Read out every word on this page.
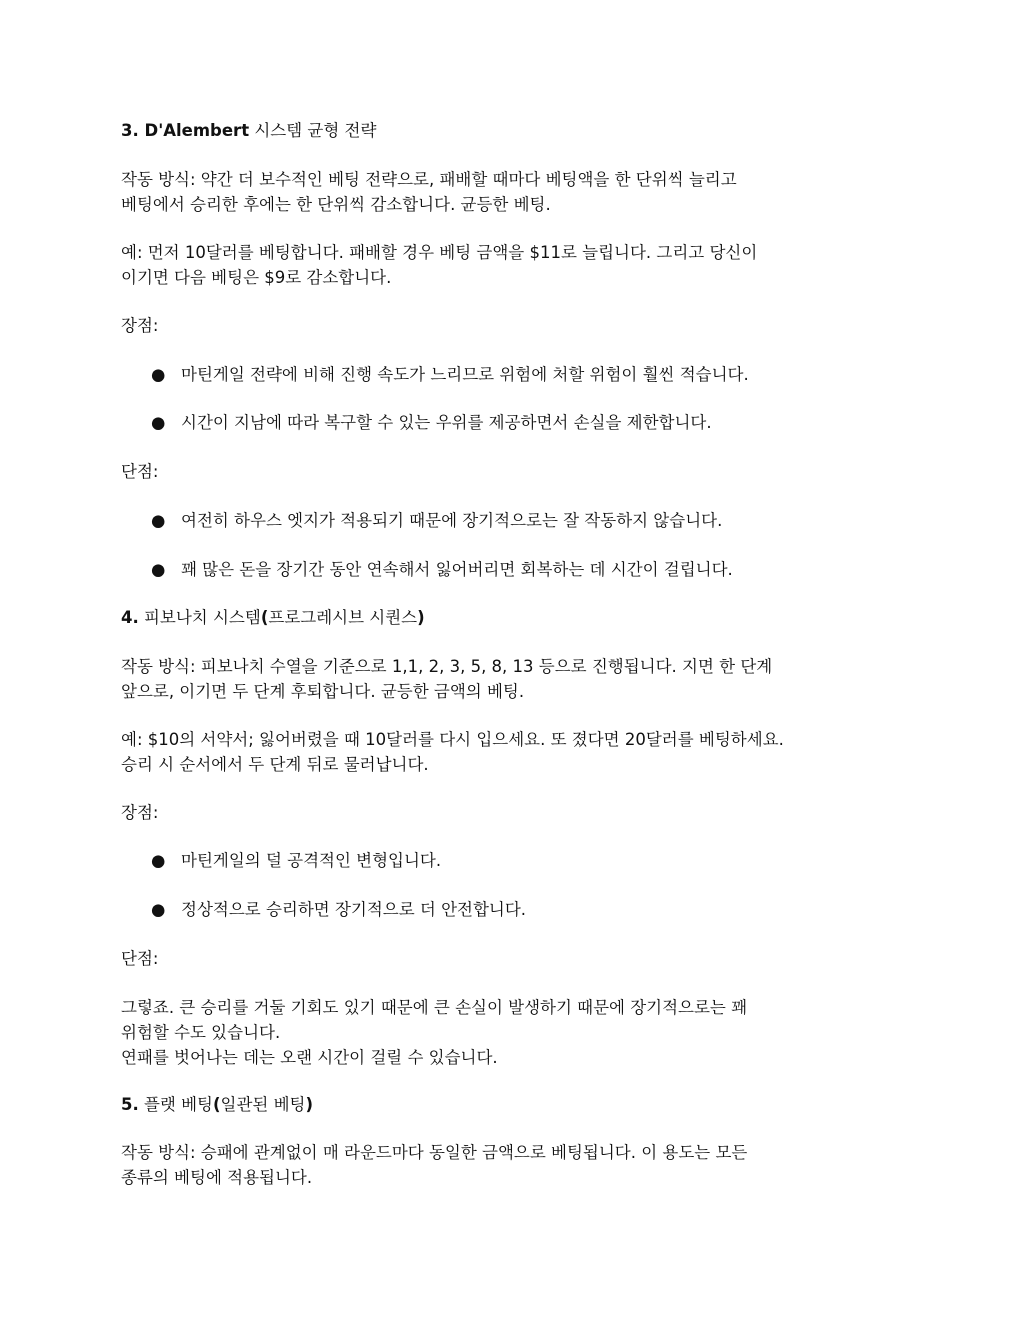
3. D'Alembert 시스템 균형 전략

작동 방식: 약간 더 보수적인 베팅 전략으로, 패배할 때마다 베팅액을 한 단위씩 늘리고
베팅에서 승리한 후에는 한 단위씩 감소합니다. 균등한 베팅.

예: 먼저 10달러를 베팅합니다. 패배할 경우 베팅 금액을 $11로 늘립니다. 그리고 당신이
이기면 다음 베팅은 $9로 감소합니다.

장점:

● 마틴게일 전략에 비해 진행 속도가 느리므로 위험에 처할 위험이 훨씬 적습니다.
● 시간이 지남에 따라 복구할 수 있는 우위를 제공하면서 손실을 제한합니다.

단점:

● 여전히 하우스 엣지가 적용되기 때문에 장기적으로는 잘 작동하지 않습니다.
● 꽤 많은 돈을 장기간 동안 연속해서 잃어버리면 회복하는 데 시간이 걸립니다.

4. 피보나치 시스템(프로그레시브 시퀀스)

작동 방식: 피보나치 수열을 기준으로 1,1, 2, 3, 5, 8, 13 등으로 진행됩니다. 지면 한 단계
앞으로, 이기면 두 단계 후퇴합니다. 균등한 금액의 베팅.

예: $10의 서약서; 잃어버렸을 때 10달러를 다시 입으세요. 또 졌다면 20달러를 베팅하세요.
승리 시 순서에서 두 단계 뒤로 물러납니다.

장점:

● 마틴게일의 덜 공격적인 변형입니다.
● 정상적으로 승리하면 장기적으로 더 안전합니다.

단점:

그렇죠. 큰 승리를 거둘 기회도 있기 때문에 큰 손실이 발생하기 때문에 장기적으로는 꽤
위험할 수도 있습니다.
연패를 벗어나는 데는 오랜 시간이 걸릴 수 있습니다.

5. 플랫 베팅(일관된 베팅)

작동 방식: 승패에 관계없이 매 라운드마다 동일한 금액으로 베팅됩니다. 이 용도는 모든
종류의 베팅에 적용됩니다.
